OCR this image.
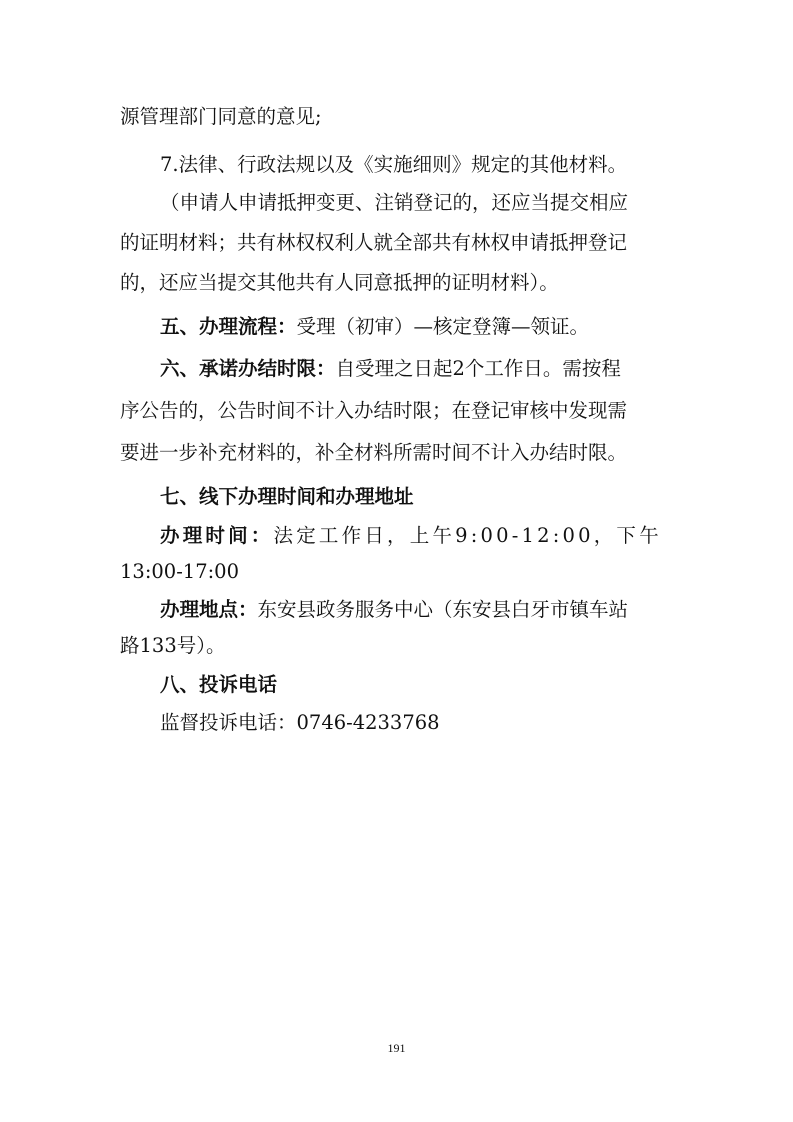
源管理部门同意的意见;
7.法律、行政法规以及《实施细则》规定的其他材料。
（申请人申请抵押变更、注销登记的，还应当提交相应
的证明材料；共有林权权利人就全部共有林权申请抵押登记
的，还应当提交其他共有人同意抵押的证明材料）。
五、办理流程：受理（初审）—核定登簿—领证。
六、承诺办结时限：自受理之日起2个工作日。需按程
序公告的，公告时间不计入办结时限；在登记审核中发现需
要进一步补充材料的，补全材料所需时间不计入办结时限。
七、线下办理时间和办理地址
办理时间：法定工作日，上午9:00-12:00，下午
13:00-17:00
办理地点：东安县政务服务中心（东安县白牙市镇车站
路133号）。
八、投诉电话
监督投诉电话：0746-4233768
191
